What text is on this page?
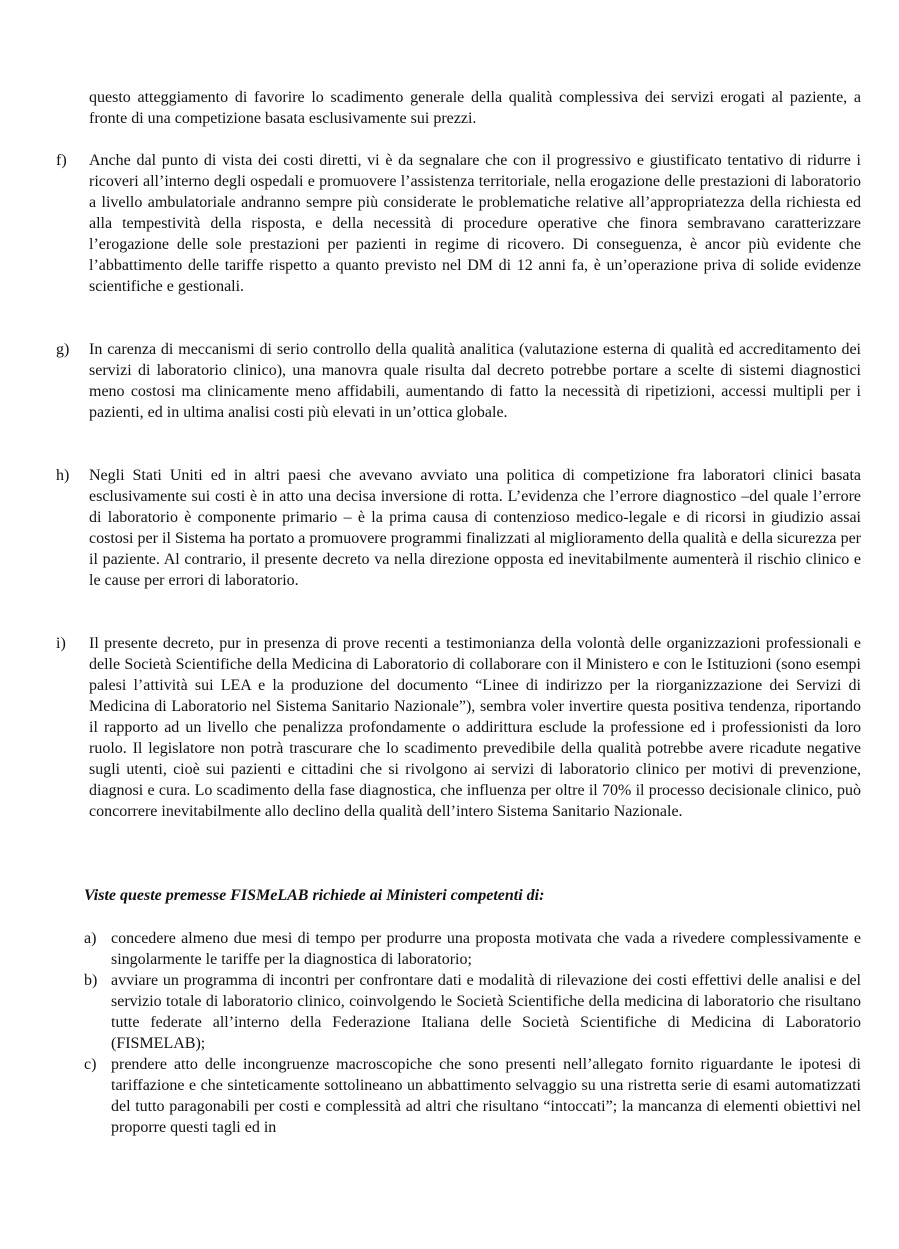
questo atteggiamento di favorire lo scadimento generale della qualità complessiva dei servizi erogati al paziente, a fronte di una competizione basata esclusivamente sui prezzi.
f)	Anche dal punto di vista dei costi diretti, vi è da segnalare che con il progressivo e giustificato tentativo di ridurre i ricoveri all’interno degli ospedali e promuovere l’assistenza territoriale, nella erogazione delle prestazioni di laboratorio a livello ambulatoriale andranno sempre più considerate le problematiche relative all’appropriatezza della richiesta ed alla tempestività della risposta, e della necessità di procedure operative che finora sembravano caratterizzare l’erogazione delle sole prestazioni per pazienti in regime di ricovero. Di conseguenza, è ancor più evidente che l’abbattimento delle tariffe rispetto a quanto previsto nel DM di 12 anni fa, è un’operazione priva di solide evidenze scientifiche e gestionali.
g)	In carenza di meccanismi di serio controllo della qualità analitica (valutazione esterna di qualità ed accreditamento dei servizi di laboratorio clinico), una manovra quale risulta dal decreto potrebbe portare a scelte di sistemi diagnostici meno costosi ma clinicamente meno affidabili, aumentando di fatto la necessità di ripetizioni, accessi multipli per i pazienti, ed in ultima analisi costi più elevati in un’ottica globale.
h)	Negli Stati Uniti ed in altri paesi che avevano avviato una politica di competizione fra laboratori clinici basata esclusivamente sui costi è in atto una decisa inversione di rotta. L’evidenza che l’errore diagnostico –del quale l’errore di laboratorio è componente primario – è la prima causa di contenzioso medico-legale e di ricorsi in giudizio assai costosi per il Sistema ha portato a promuovere programmi finalizzati al miglioramento della qualità e della sicurezza per il paziente. Al contrario, il presente decreto va nella direzione opposta ed inevitabilmente aumenterà il rischio clinico e le cause per errori di laboratorio.
i)	Il presente decreto, pur in presenza di prove recenti a testimonianza della volontà delle organizzazioni professionali e delle Società Scientifiche della Medicina di Laboratorio di collaborare con il Ministero e con le Istituzioni (sono esempi palesi l’attività sui LEA e la produzione del documento “Linee di indirizzo per la riorganizzazione dei Servizi di Medicina di Laboratorio nel Sistema Sanitario Nazionale”), sembra voler invertire questa positiva tendenza, riportando il rapporto ad un livello che penalizza profondamente o addirittura esclude la professione ed i professionisti da loro ruolo. Il legislatore non potrà trascurare che lo scadimento prevedibile della qualità potrebbe avere ricadute negative sugli utenti, cioè sui pazienti e cittadini che si rivolgono ai servizi di laboratorio clinico per motivi di prevenzione, diagnosi e cura. Lo scadimento della fase diagnostica, che influenza per oltre il 70% il processo decisionale clinico, può concorrere inevitabilmente allo declino della qualità dell’intero Sistema Sanitario Nazionale.
Viste queste premesse FISMeLAB richiede ai Ministeri competenti di:
a) concedere almeno due mesi di tempo per produrre una proposta motivata che vada a rivedere complessivamente e singolarmente le tariffe per la diagnostica di laboratorio;
b) avviare un programma di incontri per confrontare dati e modalità di rilevazione dei costi effettivi delle analisi e del servizio totale di laboratorio clinico, coinvolgendo le Società Scientifiche della medicina di laboratorio che risultano tutte federate all’interno della Federazione Italiana delle Società Scientifiche di Medicina di Laboratorio (FISMELAB);
c) prendere atto delle incongruenze macroscopiche che sono presenti nell’allegato fornito riguardante le ipotesi di tariffazione e che sinteticamente sottolineano un abbattimento selvaggio su una ristretta serie di esami automatizzati del tutto paragonabili per costi e complessità ad altri che risultano “intoccati”; la mancanza di elementi obiettivi nel proporre questi tagli ed in
